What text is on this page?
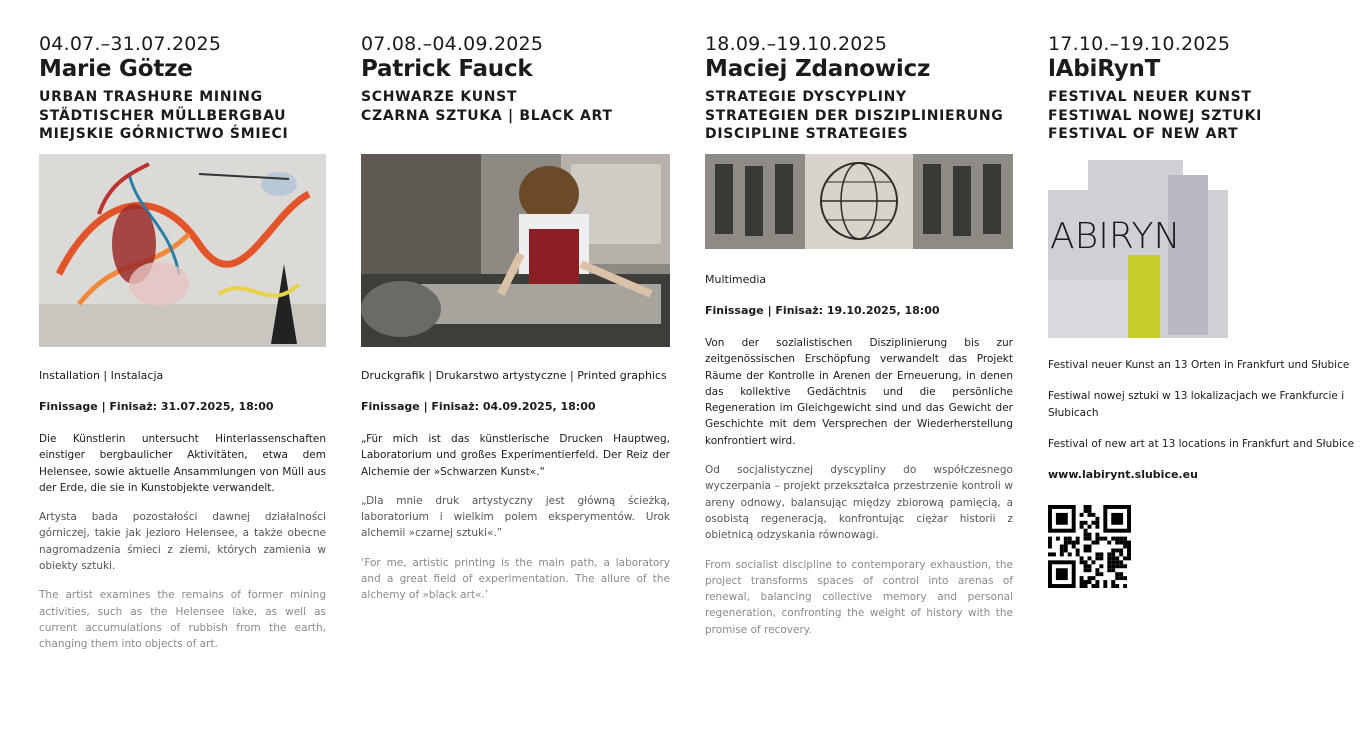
04.07.–31.07.2025

Marie Götze

URBAN TRASHURE MINING
STÄDTISCHER MÜLLBERGBAU
MIEJSKIE GÓRNICTWO ŚMIECI
Installation | Instalacja
Finissage | Finisaż: 31.07.2025, 18:00

Die Künstlerin untersucht Hinterlassenschaften einstiger bergbaulicher Aktivitäten, etwa dem Helensee, sowie aktuelle Ansammlungen von Müll aus der Erde, die sie in Kunstobjekte verwandelt.

Artysta bada pozostałości dawnej działalności górniczej, takie jak jezioro Helensee, a także obecne nagromadzenia śmieci z ziemi, których zamienia w obiekty sztuki.

The artist examines the remains of former mining activities, such as the Helensee lake, as well as current accumulations of rubbish from the earth, changing them into objects of art.

07.08.–04.09.2025

Patrick Fauck

SCHWARZE KUNST
CZARNA SZTUKA | BLACK ART
Druckgrafik | Drukarstwo artystyczne | Printed graphics
Finissage | Finisaż: 04.09.2025, 18:00

„Für mich ist das künstlerische Drucken Hauptweg, Laboratorium und großes Experimentierfeld. Der Reiz der Alchemie der »Schwarzen Kunst«.“

„Dla mnie druk artystyczny jest główną ścieżką, laboratorium i wielkim polem eksperymentów. Urok alchemii »czarnej sztuki«.”

‘For me, artistic printing is the main path, a laboratory and a great field of experimentation. The allure of the alchemy of »black art«.’

18.09.–19.10.2025

Maciej Zdanowicz

STRATEGIE DYSCYPLINY
STRATEGIEN DER DISZIPLINIERUNG
DISCIPLINE STRATEGIES
Multimedia
Finissage | Finisaż: 19.10.2025, 18:00

Von der sozialistischen Disziplinierung bis zur zeitgenössischen Erschöpfung verwandelt das Projekt Räume der Kontrolle in Arenen der Erneuerung, in denen das kollektive Gedächtnis und die persönliche Regeneration im Gleichgewicht sind und das Gewicht der Geschichte mit dem Versprechen der Wiederherstellung konfrontiert wird.

Od socjalistycznej dyscypliny do współczesnego wyczerpania – projekt przekształca przestrzenie kontroli w areny odnowy, balansując między zbiorową pamięcią, a osobistą regeneracją, konfrontując ciężar historii z obietnicą odzyskania równowagi.

From socialist discipline to contemporary exhaustion, the project transforms spaces of control into arenas of renewal, balancing collective memory and personal regeneration, confronting the weight of history with the promise of recovery.

17.10.–19.10.2025

lAbiRynT

FESTIVAL NEUER KUNST
FESTIWAL NOWEJ SZTUKI
FESTIVAL OF NEW ART
ABIRYN

Festival neuer Kunst an 13 Orten in Frankfurt und Słubice

Festiwal nowej sztuki w 13 lokalizacjach we Frankfurcie i Słubicach

Festival of new art at 13 locations in Frankfurt and Słubice

www.labirynt.slubice.eu
